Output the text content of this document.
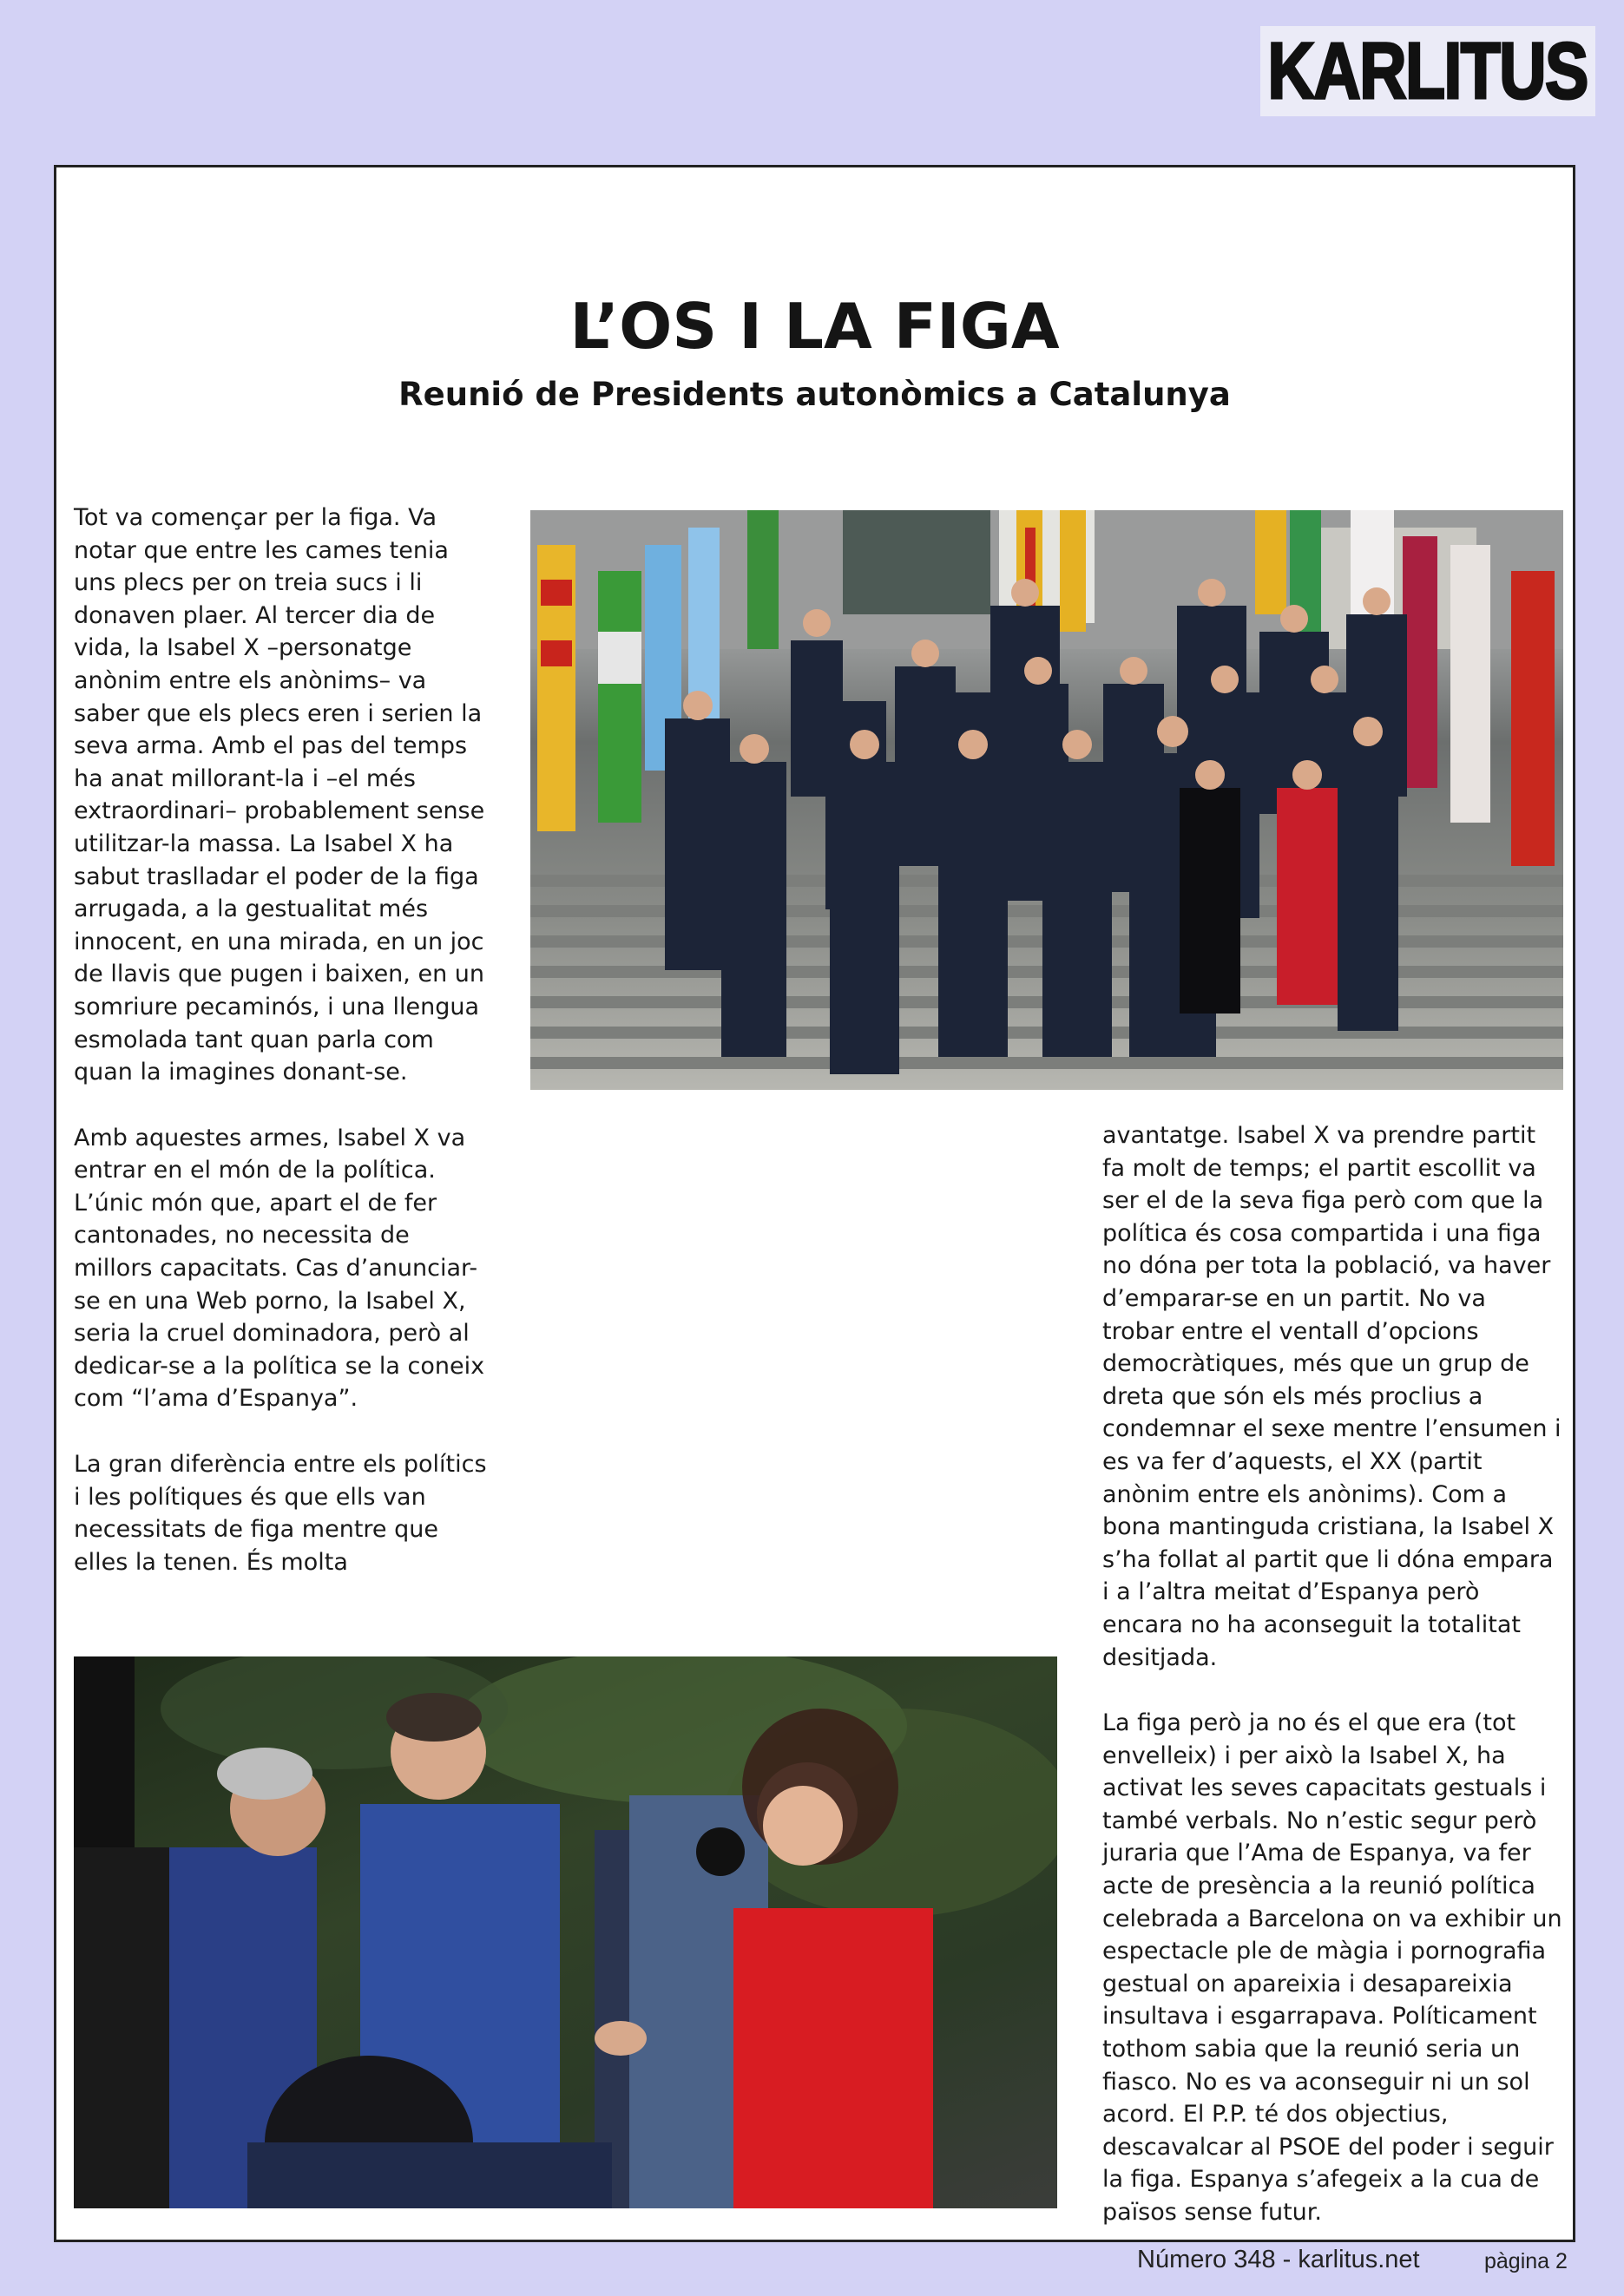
KARLITUS
L’OS I LA FIGA
Reunió de Presidents autonòmics a Catalunya

Tot va començar per la figa. Va notar que entre les cames tenia uns plecs per on treia sucs i li donaven plaer. Al tercer dia de vida, la Isabel X –personatge anònim entre els anònims– va saber que els plecs eren i serien la seva arma. Amb el pas del temps ha anat millorant-la i –el més extraordinari– probablement sense utilitzar-la massa. La Isabel X ha sabut traslladar el poder de la figa arrugada, a la gestualitat més innocent, en una mirada, en un joc de llavis que pugen i baixen, en un somriure pecaminós, i una llengua esmolada tant quan parla com quan la imagines donant-se.

Amb aquestes armes, Isabel X va entrar en el món de la política. L’únic món que, apart el de fer cantonades, no necessita de millors capacitats. Cas d’anunciar-se en una Web porno, la Isabel X, seria la cruel dominadora, però al dedicar-se a la política se la coneix com “l’ama d’Espanya”.

La gran diferència entre els polítics i les polítiques és que ells van necessitats de figa mentre que elles la tenen. És molta

avantatge. Isabel X va prendre partit fa molt de temps; el partit escollit va ser el de la seva figa però com que la política és cosa compartida i una figa no dóna per tota la població, va haver d’emparar-se en un partit. No va trobar entre el ventall d’opcions democràtiques, més que un grup de dreta que són els més proclius a condemnar el sexe mentre l’ensumen i es va fer d’aquests, el XX (partit anònim entre els anònims). Com a bona mantinguda cristiana, la Isabel X s’ha follat al partit que li dóna empara i a l’altra meitat d’Espanya però encara no ha aconseguit la totalitat desitjada.

La figa però ja no és el que era (tot envelleix) i per això la Isabel X, ha activat les seves capacitats gestuals i també verbals. No n’estic segur però juraria que l’Ama de Espanya, va fer acte de presència a la reunió política celebrada a Barcelona on va exhibir un espectacle ple de màgia i pornografia gestual on apareixia i desapareixia insultava i esgarrapava. Políticament tothom sabia que la reunió seria un fiasco. No es va aconseguir ni un sol acord. El P.P. té dos objectius, descavalcar al PSOE del poder i seguir la figa. Espanya s’afegeix a la cua de països sense futur.

Número 348 - karlitus.net	pàgina 2
